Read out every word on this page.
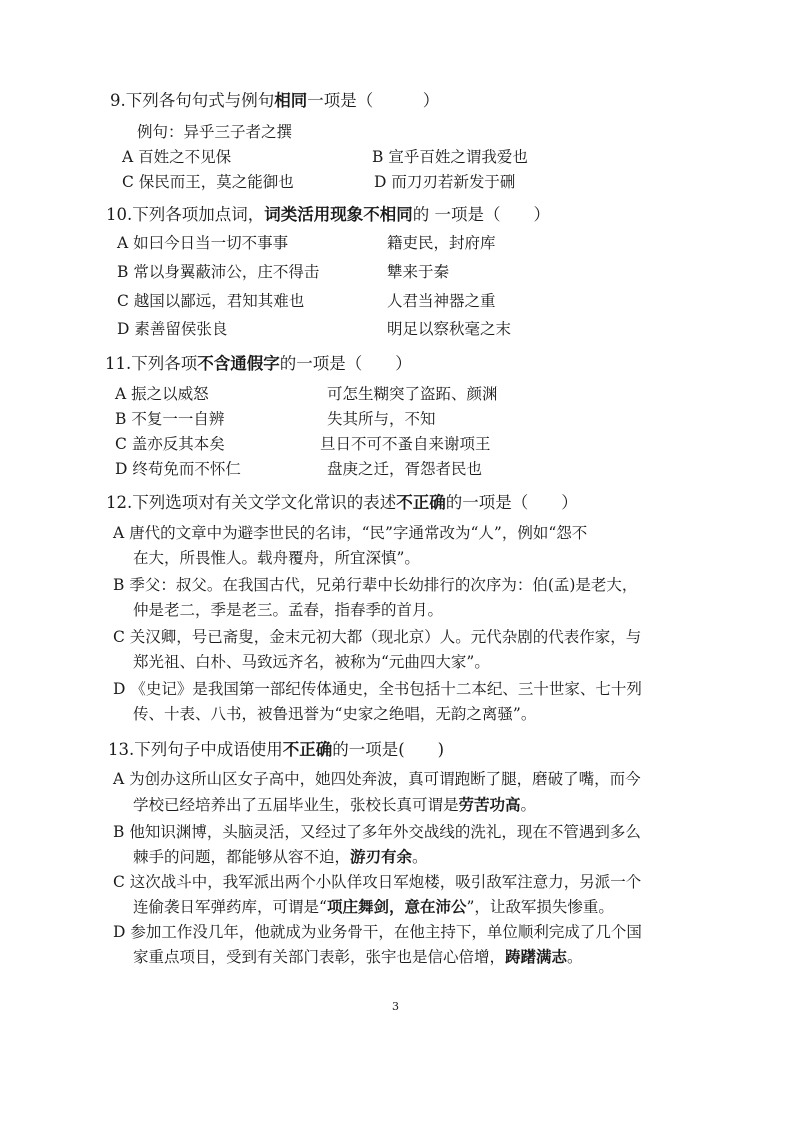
9.下列各句句式与例句相同一项是（　　　）
例句：异乎三子者之撰
A 百姓之不见保	B 宣乎百姓之谓我爱也
C 保民而王，莫之能御也	D 而刀刃若新发于硎
10.下列各项加点词，词类活用现象不相同的 一项是（　　）
A 如曰今日当一切不事事	籍吏民，封府库
B 常以身翼蔽沛公，庄不得击	犨来于秦
C 越国以鄙远，君知其难也	人君当神器之重
D 素善留侯张良	明足以察秋毫之末
11.下列各项不含通假字的一项是（　　）
A 振之以威怒	可怎生糊突了盗跖、颜渊
B 不复一一自辨	失其所与，不知
C 盖亦反其本矣	旦日不可不蚤自来谢项王
D 终苟免而不怀仁	盘庚之迁，胥怨者民也
12.下列选项对有关文学文化常识的表述不正确的一项是（　　）
A 唐代的文章中为避李世民的名讳，“民”字通常改为“人”，例如“怨不
在大，所畏惟人。载舟覆舟，所宜深慎”。
B 季父：叔父。在我国古代，兄弟行辈中长幼排行的次序为：伯(孟)是老大，
仲是老二，季是老三。孟春，指春季的首月。
C 关汉卿，号已斋叟，金末元初大都（现北京）人。元代杂剧的代表作家，与
郑光祖、白朴、马致远齐名，被称为“元曲四大家”。
D 《史记》是我国第一部纪传体通史，全书包括十二本纪、三十世家、七十列
传、十表、八书，被鲁迅誉为“史家之绝唱，无韵之离骚”。
13.下列句子中成语使用不正确的一项是(　　)
A 为创办这所山区女子高中，她四处奔波，真可谓跑断了腿，磨破了嘴，而今
学校已经培养出了五届毕业生，张校长真可谓是劳苦功高。
B 他知识渊博，头脑灵活，又经过了多年外交战线的洗礼，现在不管遇到多么
棘手的问题，都能够从容不迫，游刃有余。
C 这次战斗中，我军派出两个小队佯攻日军炮楼，吸引敌军注意力，另派一个
连偷袭日军弹药库，可谓是“项庄舞剑，意在沛公”，让敌军损失惨重。
D 参加工作没几年，他就成为业务骨干，在他主持下，单位顺利完成了几个国
家重点项目，受到有关部门表彰，张宇也是信心倍增，踌躇满志。
3
